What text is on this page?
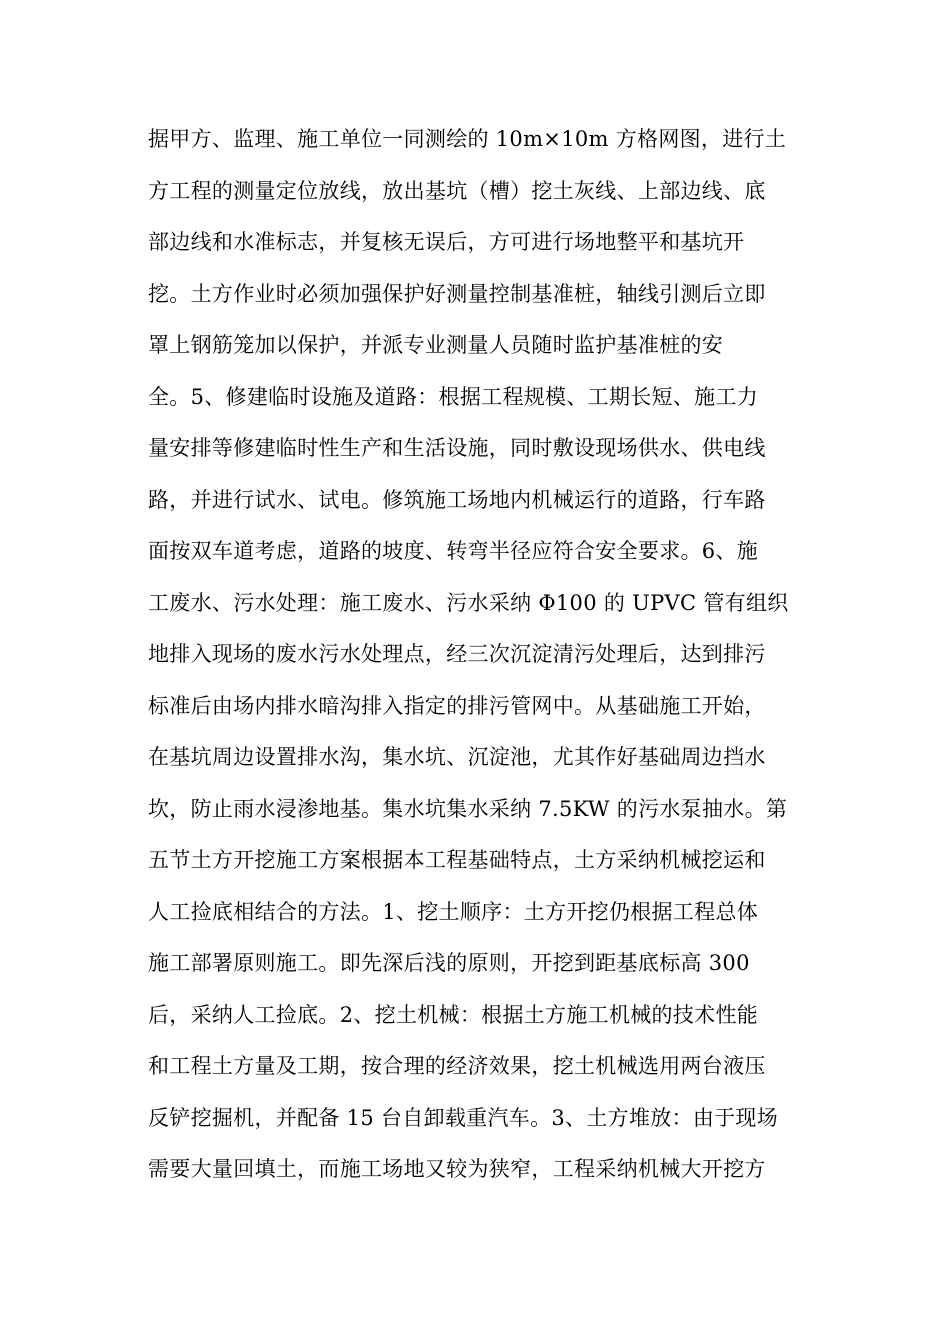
据甲方、监理、施工单位一同测绘的 10m×10m 方格网图，进行土
方工程的测量定位放线，放出基坑（槽）挖土灰线、上部边线、底
部边线和水准标志，并复核无误后，方可进行场地整平和基坑开
挖。土方作业时必须加强保护好测量控制基准桩，轴线引测后立即
罩上钢筋笼加以保护，并派专业测量人员随时监护基准桩的安
全。5、修建临时设施及道路：根据工程规模、工期长短、施工力
量安排等修建临时性生产和生活设施，同时敷设现场供水、供电线
路，并进行试水、试电。修筑施工场地内机械运行的道路，行车路
面按双车道考虑，道路的坡度、转弯半径应符合安全要求。6、施
工废水、污水处理：施工废水、污水采纳 Φ100 的 UPVC 管有组织
地排入现场的废水污水处理点，经三次沉淀清污处理后，达到排污
标准后由场内排水暗沟排入指定的排污管网中。从基础施工开始，
在基坑周边设置排水沟，集水坑、沉淀池，尤其作好基础周边挡水
坎，防止雨水浸渗地基。集水坑集水采纳 7.5KW 的污水泵抽水。第
五节土方开挖施工方案根据本工程基础特点，土方采纳机械挖运和
人工捡底相结合的方法。1、挖土顺序：土方开挖仍根据工程总体
施工部署原则施工。即先深后浅的原则，开挖到距基底标高 300
后，采纳人工捡底。2、挖土机械：根据土方施工机械的技术性能
和工程土方量及工期，按合理的经济效果，挖土机械选用两台液压
反铲挖掘机，并配备 15 台自卸载重汽车。3、土方堆放：由于现场
需要大量回填土，而施工场地又较为狭窄，工程采纳机械大开挖方
